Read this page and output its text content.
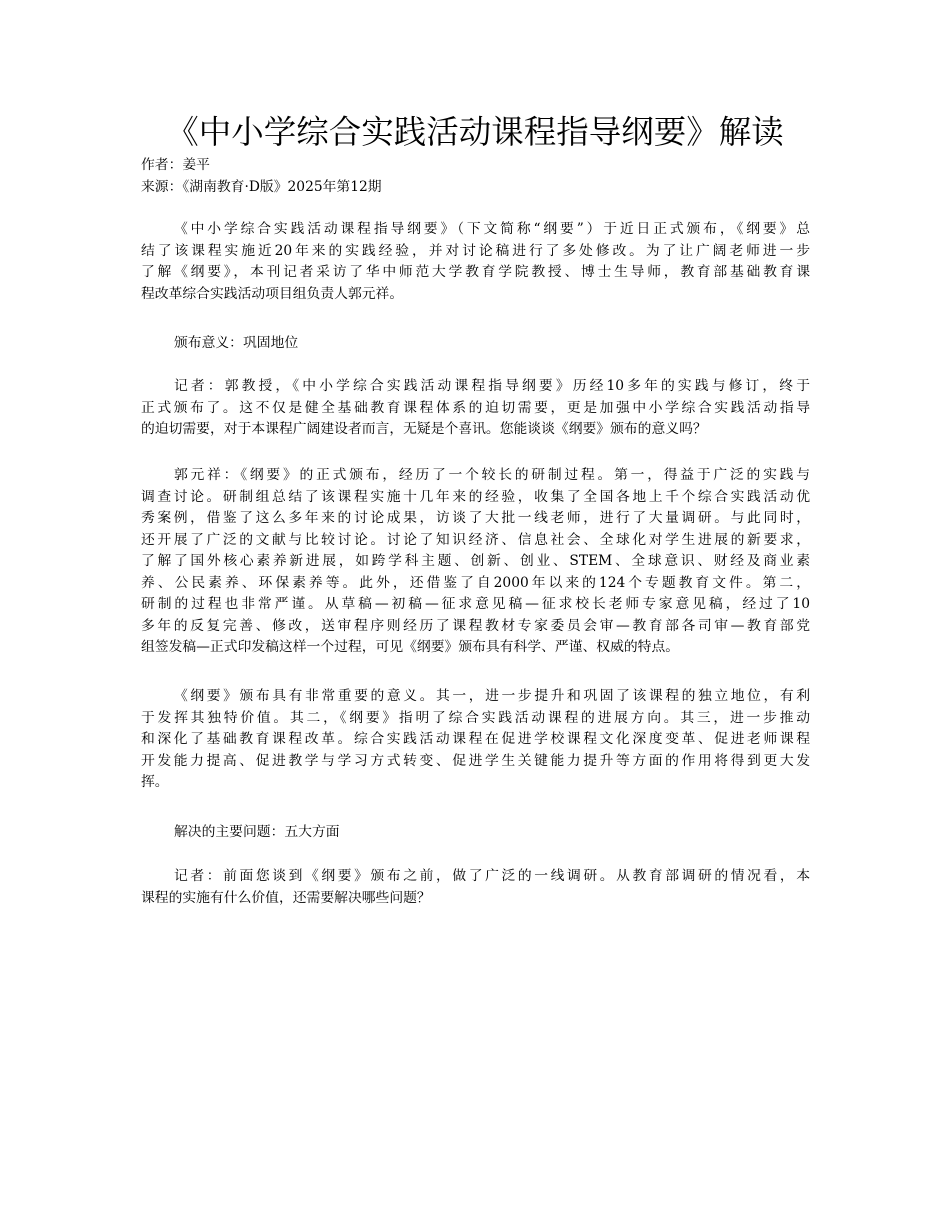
《中小学综合实践活动课程指导纲要》解读

作者：姜平

来源：《湖南教育·D版》2025年第12期

《中小学综合实践活动课程指导纲要》（下文简称“纲要”）于近日正式颁布，《纲要》总
结了该课程实施近20年来的实践经验，并对讨论稿进行了多处修改。为了让广阔老师进一步
了解《纲要》，本刊记者采访了华中师范大学教育学院教授、博士生导师，教育部基础教育课
程改革综合实践活动项目组负责人郭元祥。

颁布意义：巩固地位

记者：郭教授，《中小学综合实践活动课程指导纲要》历经10多年的实践与修订，终于
正式颁布了。这不仅是健全基础教育课程体系的迫切需要，更是加强中小学综合实践活动指导
的迫切需要，对于本课程广阔建设者而言，无疑是个喜讯。您能谈谈《纲要》颁布的意义吗？
郭元祥：《纲要》的正式颁布，经历了一个较长的研制过程。第一，得益于广泛的实践与
调查讨论。研制组总结了该课程实施十几年来的经验，收集了全国各地上千个综合实践活动优
秀案例，借鉴了这么多年来的讨论成果，访谈了大批一线老师，进行了大量调研。与此同时，
还开展了广泛的文献与比较讨论。讨论了知识经济、信息社会、全球化对学生进展的新要求，
了解了国外核心素养新进展，如跨学科主题、创新、创业、STEM、全球意识、财经及商业素
养、公民素养、环保素养等。此外，还借鉴了自2000年以来的124个专题教育文件。第二，
研制的过程也非常严谨。从草稿—初稿—征求意见稿—征求校长老师专家意见稿，经过了10
多年的反复完善、修改，送审程序则经历了课程教材专家委员会审—教育部各司审—教育部党
组签发稿—正式印发稿这样一个过程，可见《纲要》颁布具有科学、严谨、权威的特点。
《纲要》颁布具有非常重要的意义。其一，进一步提升和巩固了该课程的独立地位，有利
于发挥其独特价值。其二，《纲要》指明了综合实践活动课程的进展方向。其三，进一步推动
和深化了基础教育课程改革。综合实践活动课程在促进学校课程文化深度变革、促进老师课程
开发能力提高、促进教学与学习方式转变、促进学生关键能力提升等方面的作用将得到更大发
挥。

解决的主要问题：五大方面

记者：前面您谈到《纲要》颁布之前，做了广泛的一线调研。从教育部调研的情况看，本
课程的实施有什么价值，还需要解决哪些问题？
